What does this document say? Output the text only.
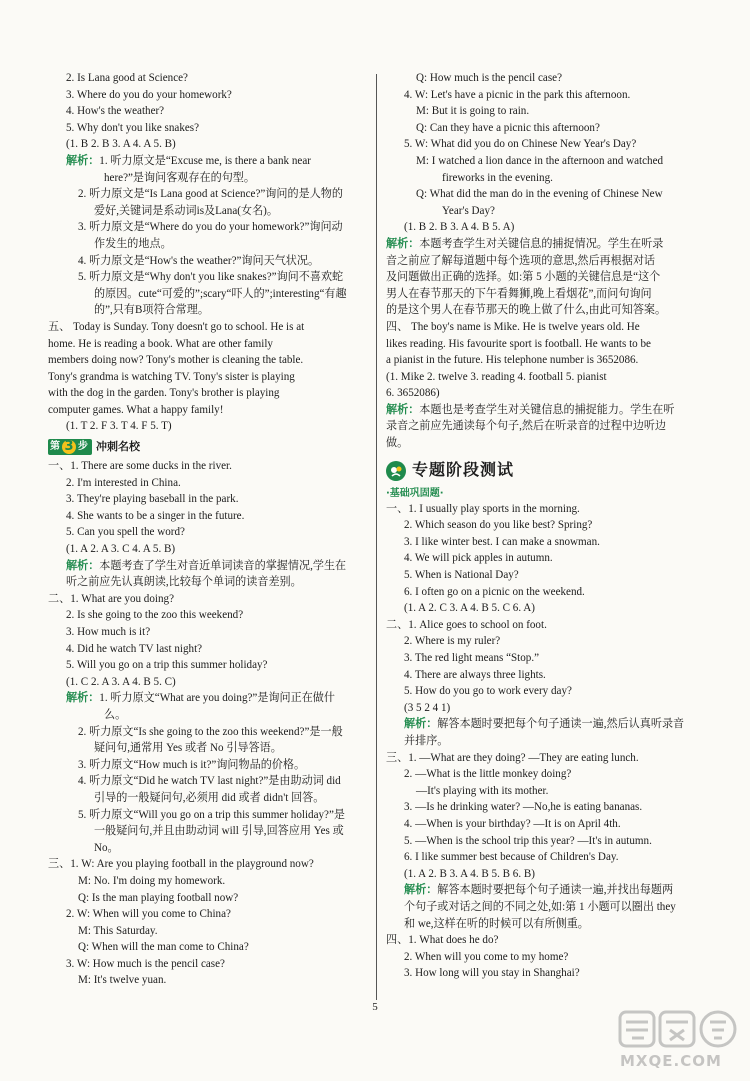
2. Is Lana good at Science?
3. Where do you do your homework?
4. How's the weather?
5. Why don't you like snakes?
(1. B 2. B 3. A 4. A 5. B)
解析：1. 听力原文是“Excuse me, is there a bank near
here?”是询问客观存在的句型。
2. 听力原文是“Is Lana good at Science?”询问的是人物的
爱好,关键词是系动词is及Lana(女名)。
3. 听力原文是“Where do you do your homework?”询问动
作发生的地点。
4. 听力原文是“How's the weather?”询问天气状况。
5. 听力原文是“Why don't you like snakes?”询问不喜欢蛇
的原因。cute“可爱的”;scary“吓人的”;interesting“有趣
的”,只有B项符合常理。
五、 Today is Sunday. Tony doesn't go to school. He is at
home. He is reading a book. What are other family
members doing now? Tony's mother is cleaning the table.
Tony's grandma is watching TV. Tony's sister is playing
with the dog in the garden. Tony's brother is playing
computer games. What a happy family!
(1. T 2. F 3. T 4. F 5. T)
第 3 步 冲刺名校
一、1. There are some ducks in the river.
2. I'm interested in China.
3. They're playing baseball in the park.
4. She wants to be a singer in the future.
5. Can you spell the word?
(1. A 2. A 3. C 4. A 5. B)
解析：本题考查了学生对音近单词读音的掌握情况,学生在
听之前应先认真朗读,比较每个单词的读音差别。
二、1. What are you doing?
2. Is she going to the zoo this weekend?
3. How much is it?
4. Did he watch TV last night?
5. Will you go on a trip this summer holiday?
(1. C 2. A 3. A 4. B 5. C)
解析：1. 听力原文“What are you doing?”是询问正在做什
么。
2. 听力原文“Is she going to the zoo this weekend?”是一般
疑问句,通常用 Yes 或者 No 引导答语。
3. 听力原文“How much is it?”询问物品的价格。
4. 听力原文“Did he watch TV last night?”是由助动词 did
引导的一般疑问句,必须用 did 或者 didn't 回答。
5. 听力原文“Will you go on a trip this summer holiday?”是
一般疑问句,并且由助动词 will 引导,回答应用 Yes 或
No。
三、1. W: Are you playing football in the playground now?
M: No. I'm doing my homework.
Q: Is the man playing football now?
2. W: When will you come to China?
M: This Saturday.
Q: When will the man come to China?
3. W: How much is the pencil case?
M: It's twelve yuan.
Q: How much is the pencil case?
4. W: Let's have a picnic in the park this afternoon.
M: But it is going to rain.
Q: Can they have a picnic this afternoon?
5. W: What did you do on Chinese New Year's Day?
M: I watched a lion dance in the afternoon and watched
fireworks in the evening.
Q: What did the man do in the evening of Chinese New
Year's Day?
(1. B 2. B 3. A 4. B 5. A)
解析：本题考查学生对关键信息的捕捉情况。学生在听录
音之前应了解每道题中每个选项的意思,然后再根据对话
及问题做出正确的选择。如:第 5 小题的关键信息是“这个
男人在春节那天的下午看舞狮,晚上看烟花”,而问句询问
的是这个男人在春节那天的晚上做了什么,由此可知答案。
四、 The boy's name is Mike. He is twelve years old. He
likes reading. His favourite sport is football. He wants to be
a pianist in the future. His telephone number is 3652086.
(1. Mike 2. twelve 3. reading 4. football 5. pianist
6. 3652086)
解析：本题也是考查学生对关键信息的捕捉能力。学生在听
录音之前应先通读每个句子,然后在听录音的过程中边听边
做。
专题阶段测试
·基础巩固题·
一、1. I usually play sports in the morning.
2. Which season do you like best? Spring?
3. I like winter best. I can make a snowman.
4. We will pick apples in autumn.
5. When is National Day?
6. I often go on a picnic on the weekend.
(1. A 2. C 3. A 4. B 5. C 6. A)
二、1. Alice goes to school on foot.
2. Where is my ruler?
3. The red light means “Stop.”
4. There are always three lights.
5. How do you go to work every day?
(3 5 2 4 1)
解析：解答本题时要把每个句子通读一遍,然后认真听录音
并排序。
三、1. —What are they doing? —They are eating lunch.
2. —What is the little monkey doing?
—It's playing with its mother.
3. —Is he drinking water? —No,he is eating bananas.
4. —When is your birthday? —It is on April 4th.
5. —When is the school trip this year? —It's in autumn.
6. I like summer best because of Children's Day.
(1. A 2. B 3. A 4. B 5. B 6. B)
解析：解答本题时要把每个句子通读一遍,并找出每题两
个句子或对话之间的不同之处,如:第 1 小题可以圈出 they
和 we,这样在听的时候可以有所侧重。
四、1. What does he do?
2. When will you come to my home?
3. How long will you stay in Shanghai?
5
MXQE.COM
